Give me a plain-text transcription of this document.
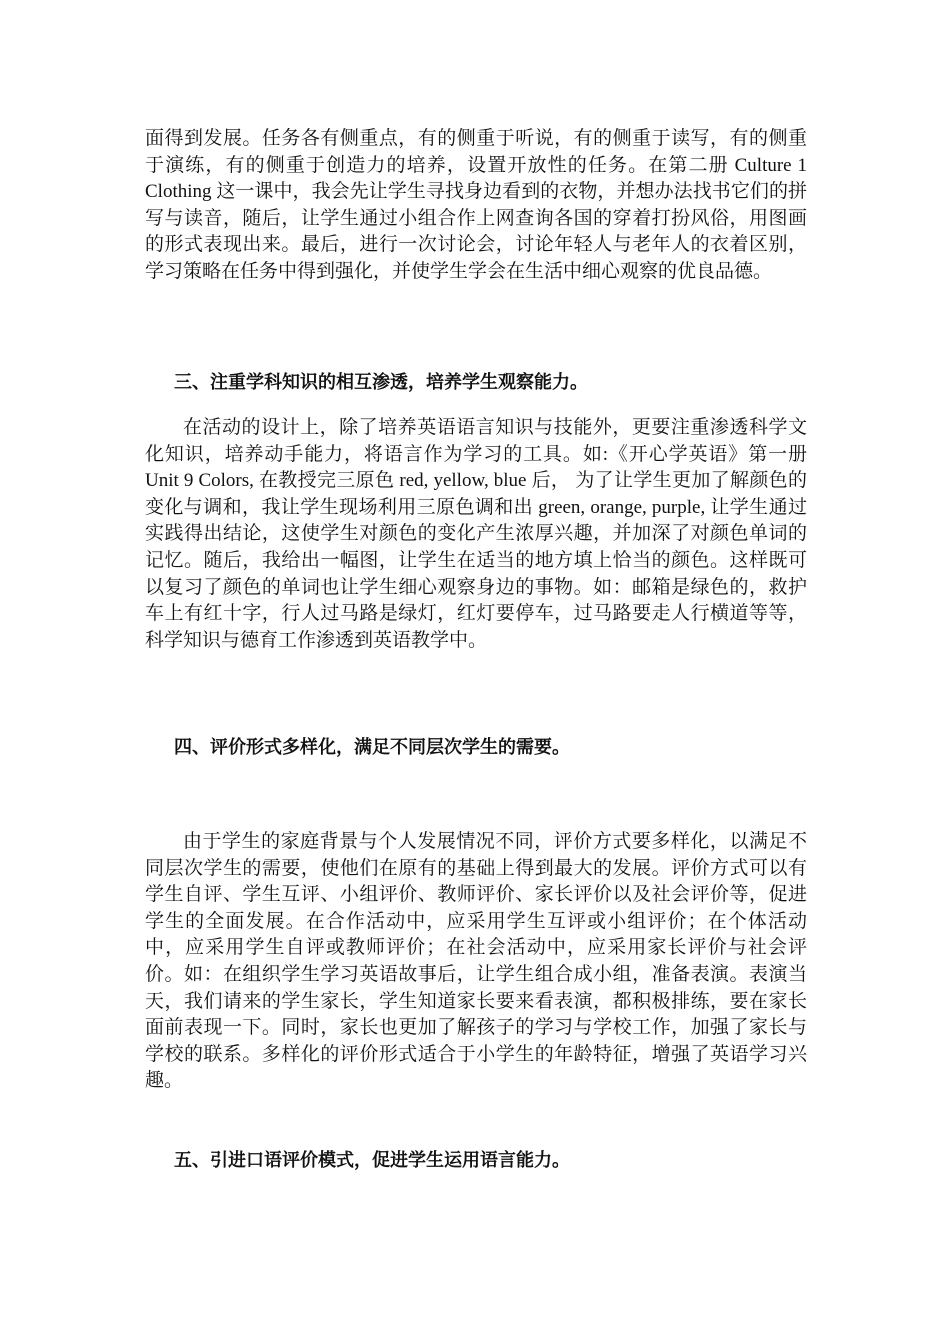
面得到发展。任务各有侧重点，有的侧重于听说，有的侧重于读写，有的侧重于演练，有的侧重于创造力的培养，设置开放性的任务。在第二册 Culture 1 Clothing 这一课中，我会先让学生寻找身边看到的衣物，并想办法找书它们的拼写与读音，随后，让学生通过小组合作上网查询各国的穿着打扮风俗，用图画的形式表现出来。最后，进行一次讨论会，讨论年轻人与老年人的衣着区别，学习策略在任务中得到强化，并使学生学会在生活中细心观察的优良品德。

三、注重学科知识的相互渗透，培养学生观察能力。

在活动的设计上，除了培养英语语言知识与技能外，更要注重渗透科学文化知识，培养动手能力，将语言作为学习的工具。如:《开心学英语》第一册 Unit 9 Colors, 在教授完三原色 red, yellow, blue 后， 为了让学生更加了解颜色的变化与调和，我让学生现场利用三原色调和出 green, orange, purple, 让学生通过实践得出结论，这使学生对颜色的变化产生浓厚兴趣，并加深了对颜色单词的记忆。随后，我给出一幅图，让学生在适当的地方填上恰当的颜色。这样既可以复习了颜色的单词也让学生细心观察身边的事物。如：邮箱是绿色的，救护车上有红十字，行人过马路是绿灯，红灯要停车，过马路要走人行横道等等，科学知识与德育工作渗透到英语教学中。

四、评价形式多样化，满足不同层次学生的需要。

由于学生的家庭背景与个人发展情况不同，评价方式要多样化，以满足不同层次学生的需要，使他们在原有的基础上得到最大的发展。评价方式可以有学生自评、学生互评、小组评价、教师评价、家长评价以及社会评价等，促进学生的全面发展。在合作活动中，应采用学生互评或小组评价；在个体活动中，应采用学生自评或教师评价；在社会活动中，应采用家长评价与社会评价。如：在组织学生学习英语故事后，让学生组合成小组，准备表演。表演当天，我们请来的学生家长，学生知道家长要来看表演，都积极排练，要在家长面前表现一下。同时，家长也更加了解孩子的学习与学校工作，加强了家长与学校的联系。多样化的评价形式适合于小学生的年龄特征，增强了英语学习兴趣。

五、引进口语评价模式，促进学生运用语言能力。
